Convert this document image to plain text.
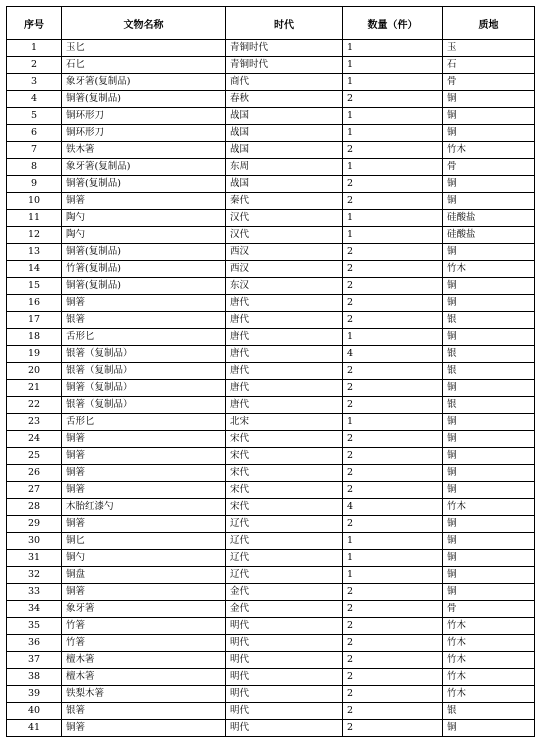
序号	文物名称	时代	数量（件）	质地
1	玉匕	青铜时代	1	玉
2	石匕	青铜时代	1	石
3	象牙箸(复制品)	商代	1	骨
4	铜箸(复制品)	春秋	2	铜
5	铜环形刀	战国	1	铜
6	铜环形刀	战国	1	铜
7	铁木箸	战国	2	竹木
8	象牙箸(复制品)	东周	1	骨
9	铜箸(复制品)	战国	2	铜
10	铜箸	秦代	2	铜
11	陶勺	汉代	1	硅酸盐
12	陶勺	汉代	1	硅酸盐
13	铜箸(复制品)	西汉	2	铜
14	竹箸(复制品)	西汉	2	竹木
15	铜箸(复制品)	东汉	2	铜
16	铜箸	唐代	2	铜
17	银箸	唐代	2	银
18	舌形匕	唐代	1	铜
19	银箸（复制品）	唐代	4	银
20	银箸（复制品）	唐代	2	银
21	铜箸（复制品）	唐代	2	铜
22	银箸（复制品）	唐代	2	银
23	舌形匕	北宋	1	铜
24	铜箸	宋代	2	铜
25	铜箸	宋代	2	铜
26	铜箸	宋代	2	铜
27	铜箸	宋代	2	铜
28	木胎红漆勺	宋代	4	竹木
29	铜箸	辽代	2	铜
30	铜匕	辽代	1	铜
31	铜勺	辽代	1	铜
32	铜盘	辽代	1	铜
33	铜箸	金代	2	铜
34	象牙箸	金代	2	骨
35	竹箸	明代	2	竹木
36	竹箸	明代	2	竹木
37	檀木箸	明代	2	竹木
38	檀木箸	明代	2	竹木
39	铁梨木箸	明代	2	竹木
40	银箸	明代	2	银
41	铜箸	明代	2	铜
